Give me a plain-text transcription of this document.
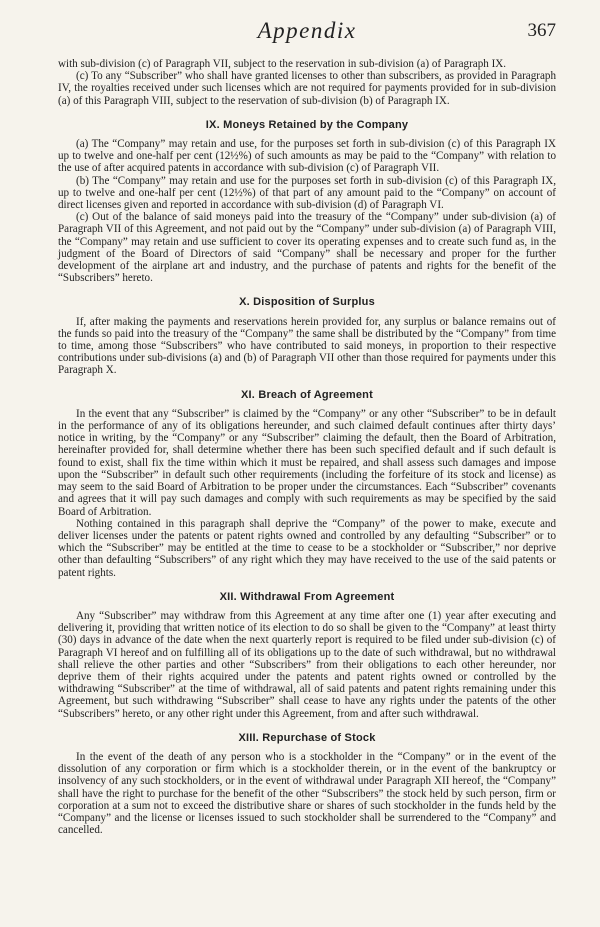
Appendix	367

with sub-division (c) of Paragraph VII, subject to the reservation in sub-division (a) of Paragraph IX.

(c) To any “Subscriber” who shall have granted licenses to other than subscribers, as provided in Paragraph IV, the royalties received under such licenses which are not required for payments provided for in sub-division (a) of this Paragraph VIII, subject to the reservation of sub-division (b) of Paragraph IX.

IX. Moneys Retained by the Company

(a) The “Company” may retain and use, for the purposes set forth in sub-division (c) of this Paragraph IX up to twelve and one-half per cent (12½%) of such amounts as may be paid to the “Company” with relation to the use of after acquired patents in accordance with sub-division (c) of Paragraph VII.

(b) The “Company” may retain and use for the purposes set forth in sub-division (c) of this Paragraph IX, up to twelve and one-half per cent (12½%) of that part of any amount paid to the “Company” on account of direct licenses given and reported in accordance with sub-division (d) of Paragraph VI.

(c) Out of the balance of said moneys paid into the treasury of the “Company” under sub-division (a) of Paragraph VII of this Agreement, and not paid out by the “Company” under sub-division (a) of Paragraph VIII, the “Company” may retain and use sufficient to cover its operating expenses and to create such fund as, in the judgment of the Board of Directors of said “Company” shall be necessary and proper for the further development of the airplane art and industry, and the purchase of patents and rights for the benefit of the “Subscribers” hereto.

X. Disposition of Surplus

If, after making the payments and reservations herein provided for, any surplus or balance remains out of the funds so paid into the treasury of the “Company” the same shall be distributed by the “Company” from time to time, among those “Subscribers” who have contributed to said moneys, in proportion to their respective contributions under sub-divisions (a) and (b) of Paragraph VII other than those required for payments under this Paragraph X.

XI. Breach of Agreement

In the event that any “Subscriber” is claimed by the “Company” or any other “Subscriber” to be in default in the performance of any of its obligations hereunder, and such claimed default continues after thirty days’ notice in writing, by the “Company” or any “Subscriber” claiming the default, then the Board of Arbitration, hereinafter provided for, shall determine whether there has been such specified default and if such default is found to exist, shall fix the time within which it must be repaired, and shall assess such damages and impose upon the “Subscriber” in default such other requirements (including the forfeiture of its stock and license) as may seem to the said Board of Arbitration to be proper under the circumstances. Each “Subscriber” covenants and agrees that it will pay such damages and comply with such requirements as may be specified by the said Board of Arbitration.

Nothing contained in this paragraph shall deprive the “Company” of the power to make, execute and deliver licenses under the patents or patent rights owned and controlled by any defaulting “Subscriber” or to which the “Subscriber” may be entitled at the time to cease to be a stockholder or “Subscriber,” nor deprive other than defaulting “Subscribers” of any right which they may have received to the use of the said patents or patent rights.

XII. Withdrawal From Agreement

Any “Subscriber” may withdraw from this Agreement at any time after one (1) year after executing and delivering it, providing that written notice of its election to do so shall be given to the “Company” at least thirty (30) days in advance of the date when the next quarterly report is required to be filed under sub-division (c) of Paragraph VI hereof and on fulfilling all of its obligations up to the date of such withdrawal, but no withdrawal shall relieve the other parties and other “Subscribers” from their obligations to each other hereunder, nor deprive them of their rights acquired under the patents and patent rights owned or controlled by the withdrawing “Subscriber” at the time of withdrawal, all of said patents and patent rights remaining under this Agreement, but such withdrawing “Subscriber” shall cease to have any rights under the patents of the other “Subscribers” hereto, or any other right under this Agreement, from and after such withdrawal.

XIII. Repurchase of Stock

In the event of the death of any person who is a stockholder in the “Company” or in the event of the dissolution of any corporation or firm which is a stockholder therein, or in the event of the bankruptcy or insolvency of any such stockholders, or in the event of withdrawal under Paragraph XII hereof, the “Company” shall have the right to purchase for the benefit of the other “Subscribers” the stock held by such person, firm or corporation at a sum not to exceed the distributive share or shares of such stockholder in the funds held by the “Company” and the license or licenses issued to such stockholder shall be surrendered to the “Company” and cancelled.
